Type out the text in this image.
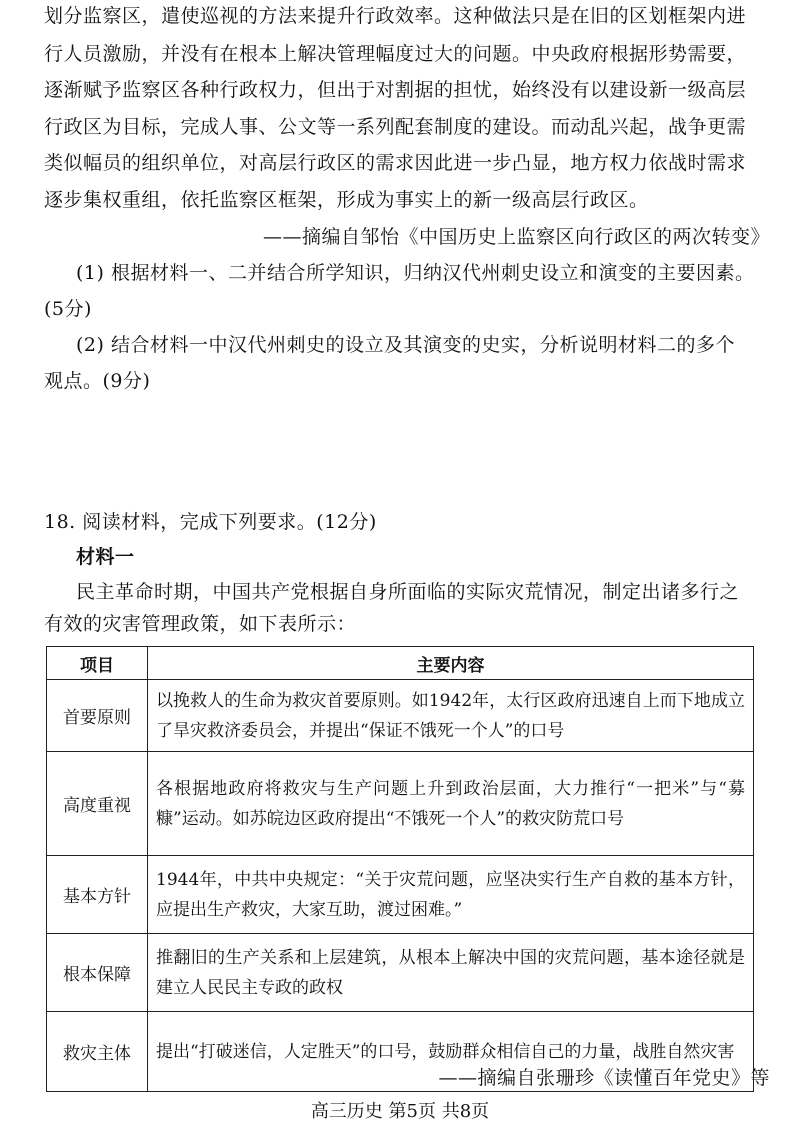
划分监察区，遣使巡视的方法来提升行政效率。这种做法只是在旧的区划框架内进
行人员激励，并没有在根本上解决管理幅度过大的问题。中央政府根据形势需要，
逐渐赋予监察区各种行政权力，但出于对割据的担忧，始终没有以建设新一级高层
行政区为目标，完成人事、公文等一系列配套制度的建设。而动乱兴起，战争更需
类似幅员的组织单位，对高层行政区的需求因此进一步凸显，地方权力依战时需求
逐步集权重组，依托监察区框架，形成为事实上的新一级高层行政区。
——摘编自邹怡《中国历史上监察区向行政区的两次转变》
(1) 根据材料一、二并结合所学知识，归纳汉代州刺史设立和演变的主要因素。
(5分)
(2) 结合材料一中汉代州刺史的设立及其演变的史实，分析说明材料二的多个
观点。(9分)
18. 阅读材料，完成下列要求。(12分)
材料一
民主革命时期，中国共产党根据自身所面临的实际灾荒情况，制定出诸多行之
有效的灾害管理政策，如下表所示：
项目	主要内容
首要原则	以挽救人的生命为救灾首要原则。如1942年，太行区政府迅速自上而下地成立了旱灾救济委员会，并提出“保证不饿死一个人”的口号
高度重视	各根据地政府将救灾与生产问题上升到政治层面，大力推行“一把米”与“募糠”运动。如苏皖边区政府提出“不饿死一个人”的救灾防荒口号
基本方针	1944年，中共中央规定：“关于灾荒问题，应坚决实行生产自救的基本方针，应提出生产救灾，大家互助，渡过困难。”
根本保障	推翻旧的生产关系和上层建筑，从根本上解决中国的灾荒问题，基本途径就是建立人民民主专政的政权
救灾主体	提出“打破迷信，人定胜天”的口号，鼓励群众相信自己的力量，战胜自然灾害
——摘编自张珊珍《读懂百年党史》等
高三历史 第5页 共8页
